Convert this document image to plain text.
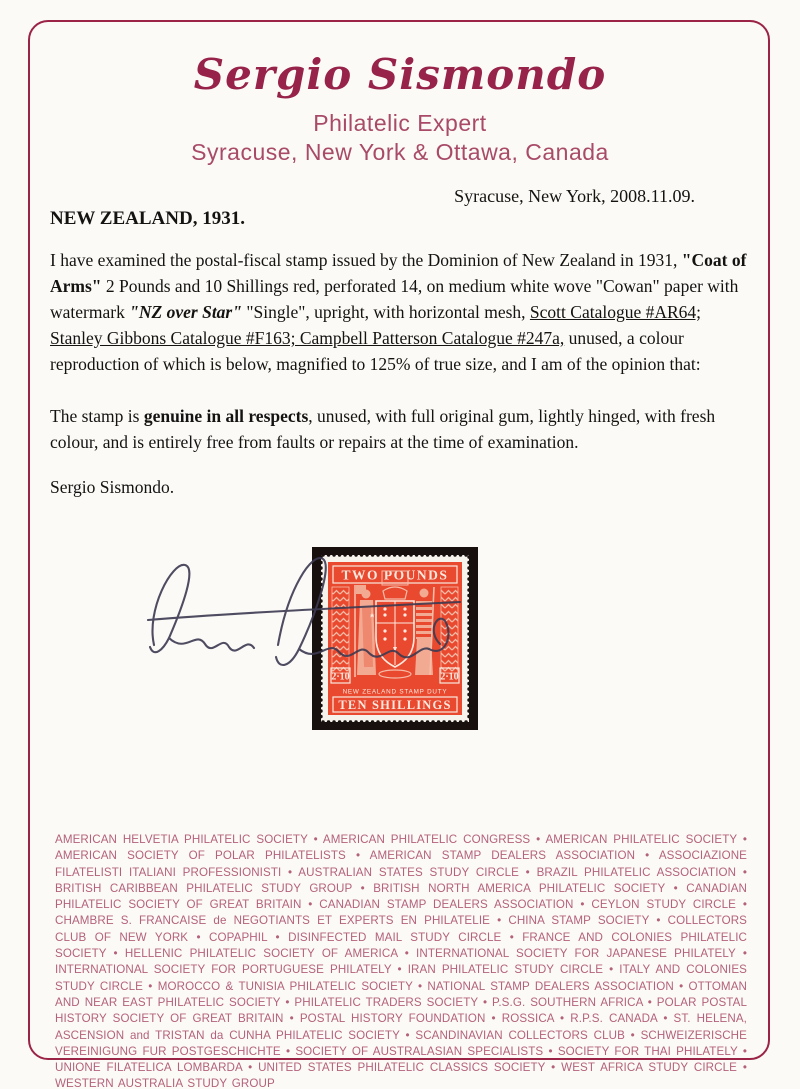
Sergio Sismondo
Philatelic Expert
Syracuse, New York & Ottawa, Canada
Syracuse, New York, 2008.11.09.
NEW ZEALAND, 1931.
I have examined the postal-fiscal stamp issued by the Dominion of New Zealand in 1931, "Coat of Arms" 2 Pounds and 10 Shillings red, perforated 14, on medium white wove "Cowan" paper with watermark "NZ over Star" "Single", upright, with horizontal mesh, Scott Catalogue #AR64; Stanley Gibbons Catalogue #F163; Campbell Patterson Catalogue #247a, unused, a colour reproduction of which is below, magnified to 125% of true size, and I am of the opinion that:
The stamp is genuine in all respects, unused, with full original gum, lightly hinged, with fresh colour, and is entirely free from faults or repairs at the time of examination.
Sergio Sismondo.
TWO POUNDS
2·10	2·10
NEW ZEALAND STAMP DUTY
TEN SHILLINGS
AMERICAN HELVETIA PHILATELIC SOCIETY • AMERICAN PHILATELIC CONGRESS • AMERICAN PHILATELIC SOCIETY • AMERICAN SOCIETY OF POLAR PHILATELISTS • AMERICAN STAMP DEALERS ASSOCIATION • ASSOCIAZIONE FILATELISTI ITALIANI PROFESSIONISTI • AUSTRALIAN STATES STUDY CIRCLE • BRAZIL PHILATELIC ASSOCIATION • BRITISH CARIBBEAN PHILATELIC STUDY GROUP • BRITISH NORTH AMERICA PHILATELIC SOCIETY • CANADIAN PHILATELIC SOCIETY OF GREAT BRITAIN • CANADIAN STAMP DEALERS ASSOCIATION • CEYLON STUDY CIRCLE • CHAMBRE S. FRANCAISE de NEGOTIANTS ET EXPERTS EN PHILATELIE • CHINA STAMP SOCIETY • COLLECTORS CLUB OF NEW YORK • COPAPHIL • DISINFECTED MAIL STUDY CIRCLE • FRANCE AND COLONIES PHILATELIC SOCIETY • HELLENIC PHILATELIC SOCIETY OF AMERICA • INTERNATIONAL SOCIETY FOR JAPANESE PHILATELY • INTERNATIONAL SOCIETY FOR PORTUGUESE PHILATELY • IRAN PHILATELIC STUDY CIRCLE • ITALY AND COLONIES STUDY CIRCLE • MOROCCO & TUNISIA PHILATELIC SOCIETY • NATIONAL STAMP DEALERS ASSOCIATION • OTTOMAN AND NEAR EAST PHILATELIC SOCIETY • PHILATELIC TRADERS SOCIETY • P.S.G. SOUTHERN AFRICA • POLAR POSTAL HISTORY SOCIETY OF GREAT BRITAIN • POSTAL HISTORY FOUNDATION • ROSSICA • R.P.S. CANADA • ST. HELENA, ASCENSION and TRISTAN da CUNHA PHILATELIC SOCIETY • SCANDINAVIAN COLLECTORS CLUB • SCHWEIZERISCHE VEREINIGUNG FUR POSTGESCHICHTE • SOCIETY OF AUSTRALASIAN SPECIALISTS • SOCIETY FOR THAI PHILATELY • UNIONE FILATELICA LOMBARDA • UNITED STATES PHILATELIC CLASSICS SOCIETY • WEST AFRICA STUDY CIRCLE • WESTERN AUSTRALIA STUDY GROUP
